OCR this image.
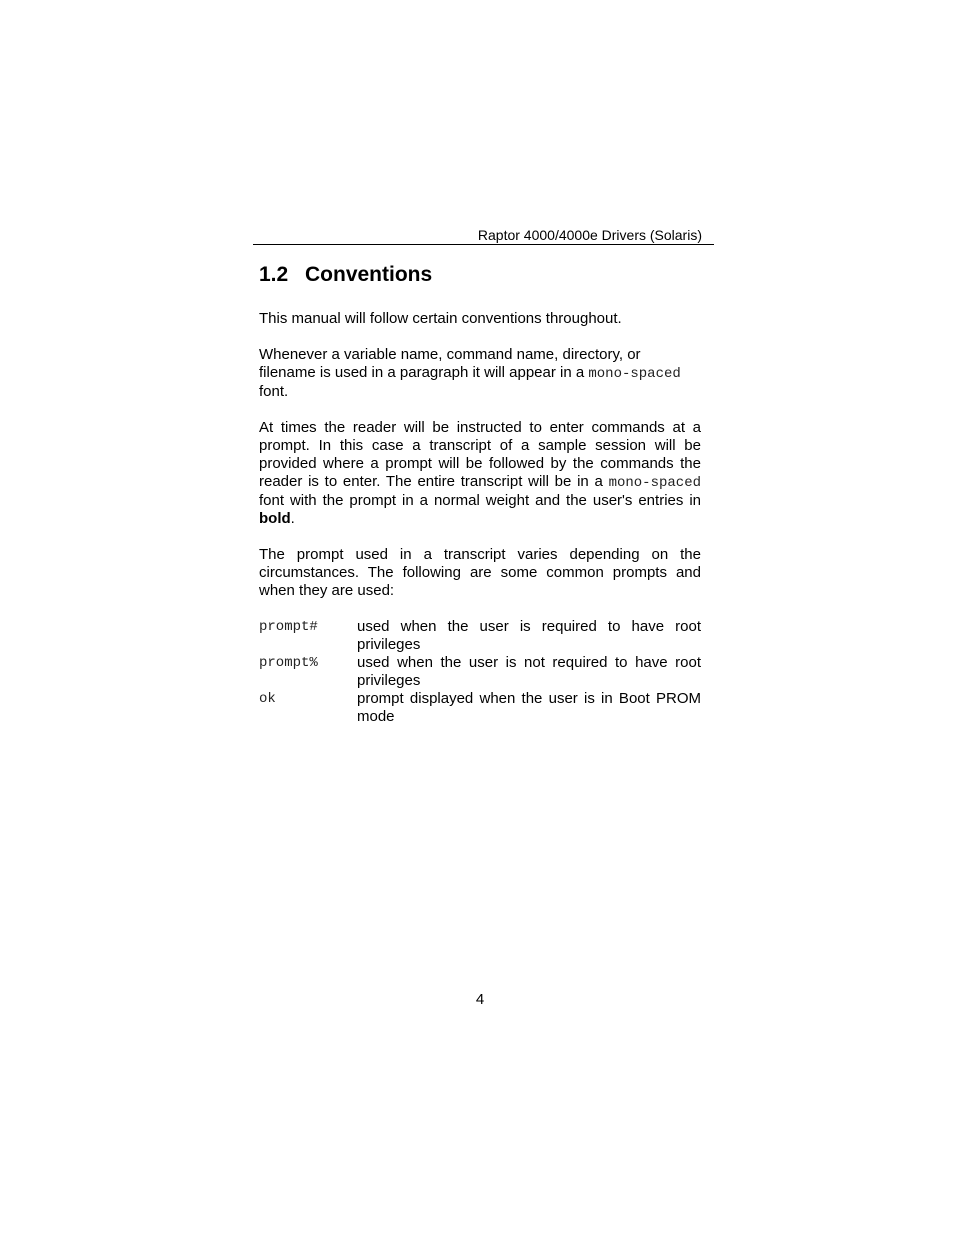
Raptor 4000/4000e Drivers (Solaris)
1.2 Conventions

This manual will follow certain conventions throughout.

Whenever a variable name, command name, directory, or filename is used in a paragraph it will appear in a mono-spaced font.

At times the reader will be instructed to enter commands at a prompt. In this case a transcript of a sample session will be provided where a prompt will be followed by the commands the reader is to enter. The entire transcript will be in a mono-spaced font with the prompt in a normal weight and the user's entries in bold.

The prompt used in a transcript varies depending on the circumstances. The following are some common prompts and when they are used:

prompt#	used when the user is required to have root privileges
prompt%	used when the user is not required to have root privileges
ok	prompt displayed when the user is in Boot PROM mode
4
